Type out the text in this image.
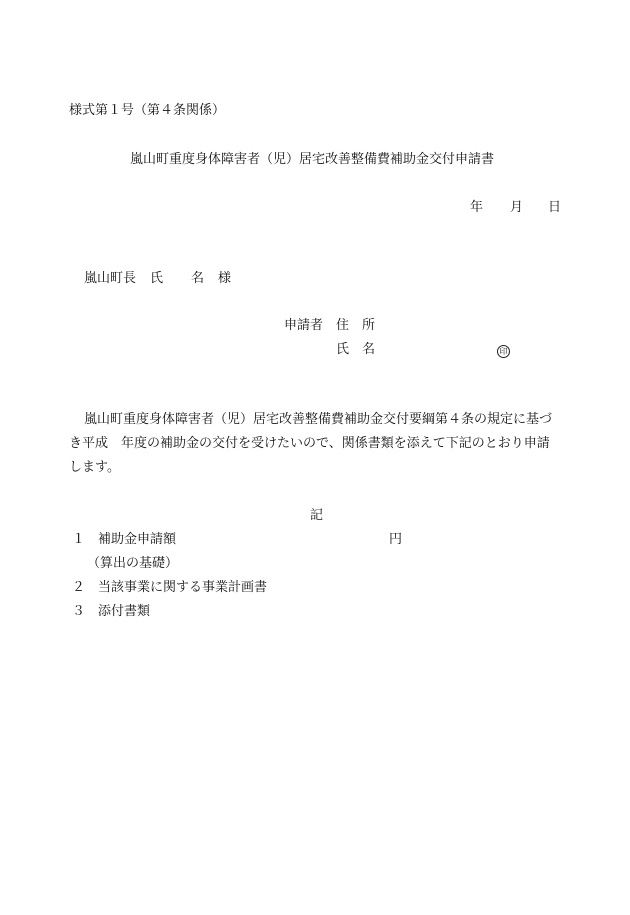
様式第１号（第４条関係）
嵐山町重度身体障害者（児）居宅改善整備費補助金交付申請書
年 月 日
嵐山町長 氏 名 様
申請者 住　所
氏　名	印
嵐山町重度身体障害者（児）居宅改善整備費補助金交付要綱第４条の規定に基づ
き平成　年度の補助金の交付を受けたいので、関係書類を添えて下記のとおり申請
します。
記
１ 補助金申請額	円
（算出の基礎）
２ 当該事業に関する事業計画書
３ 添付書類
